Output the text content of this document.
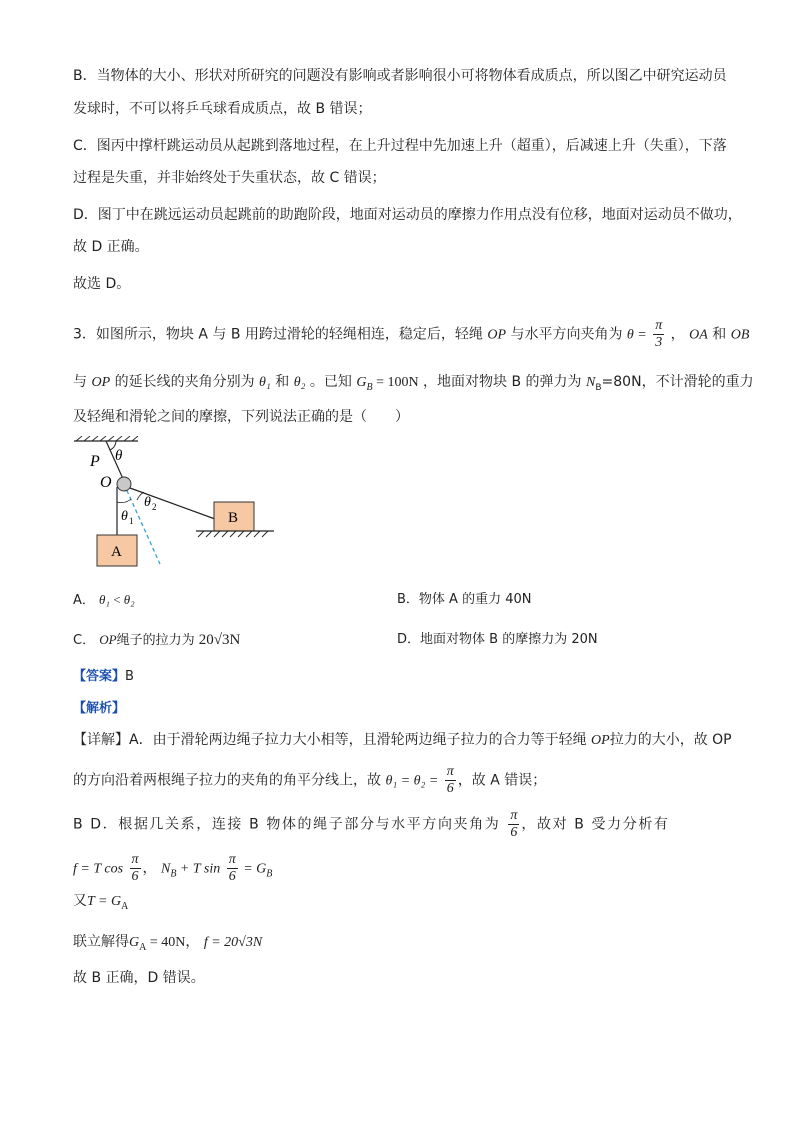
B．当物体的大小、形状对所研究的问题没有影响或者影响很小可将物体看成质点，所以图乙中研究运动员
发球时，不可以将乒乓球看成质点，故 B 错误；
C．图丙中撑杆跳运动员从起跳到落地过程，在上升过程中先加速上升（超重），后减速上升（失重），下落
过程是失重，并非始终处于失重状态，故 C 错误；
D．图丁中在跳远运动员起跳前的助跑阶段，地面对运动员的摩擦力作用点没有位移，地面对运动员不做功，
故 D 正确。
故选 D。
3．如图所示，物块 A 与 B 用跨过滑轮的轻绳相连，稳定后，轻绳 OP 与水平方向夹角为 $\theta = \frac{\pi}{3}$ ， OA 和 OB
与 OP 的延长线的夹角分别为 θ₁ 和 θ₂ 。已知 $G_B = 100N$ ，地面对物块 B 的弹力为 $N_B=80N$，不计滑轮的重力
及轻绳和滑轮之间的摩擦，下列说法正确的是（　　）
P θ
O
θ 1
θ 2
A
B
A． θ₁ < θ₂	B．物体 A 的重力 40N
C． OP绳子的拉力为 20√3N	D．地面对物体 B 的摩擦力为 20N
【答案】B
【解析】
【详解】A．由于滑轮两边绳子拉力大小相等，且滑轮两边绳子拉力的合力等于轻绳 OP拉力的大小，故 OP
的方向沿着两根绳子拉力的夹角的角平分线上，故 $\theta_1 = \theta_2 = \frac{\pi}{6}$ ，故 A 错误；
B D．根据几关系，连接 B 物体的绳子部分与水平方向夹角为 $\frac{\pi}{6}$ ，故对 B 受力分析有
f = T $\cos \frac{\pi}{6}$ ， $N_B + T$ $\sin \frac{\pi}{6} = G_B$
又$T = G_A$
联立解得$G_A = 40N$， f = 20√3N
故 B 正确，D 错误。
